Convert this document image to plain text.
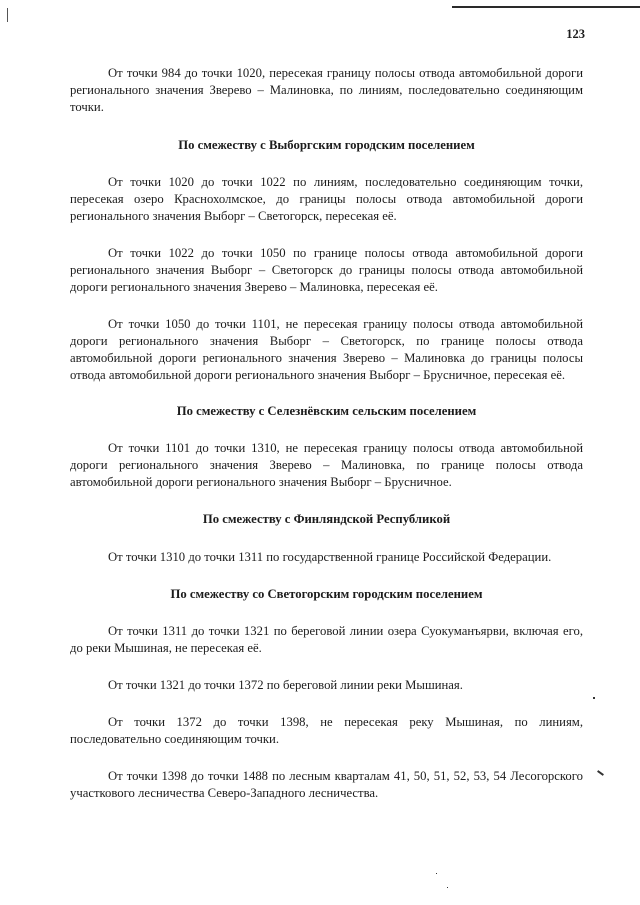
123

От точки 984 до точки 1020, пересекая границу полосы отвода автомобильной дороги регионального значения Зверево – Малиновка, по линиям, последовательно соединяющим точки.

По смежеству с Выборгским городским поселением

От точки 1020 до точки 1022 по линиям, последовательно соединяющим точки, пересекая озеро Краснохолмское, до границы полосы отвода автомобильной дороги регионального значения Выборг – Светогорск, пересекая её.

От точки 1022 до точки 1050 по границе полосы отвода автомобильной дороги регионального значения Выборг – Светогорск до границы полосы отвода автомобильной дороги регионального значения Зверево – Малиновка, пересекая её.

От точки 1050 до точки 1101, не пересекая границу полосы отвода автомобильной дороги регионального значения Выборг – Светогорск, по границе полосы отвода автомобильной дороги регионального значения Зверево – Малиновка до границы полосы отвода автомобильной дороги регионального значения Выборг – Брусничное, пересекая её.

По смежеству с Селезнёвским сельским поселением

От точки 1101 до точки 1310, не пересекая границу полосы отвода автомобильной дороги регионального значения Зверево – Малиновка, по границе полосы отвода автомобильной дороги регионального значения Выборг – Брусничное.

По смежеству с Финляндской Республикой

От точки 1310 до точки 1311 по государственной границе Российской Федерации.

По смежеству со Светогорским городским поселением

От точки 1311 до точки 1321 по береговой линии озера Суокуманъярви, включая его, до реки Мышиная, не пересекая её.

От точки 1321 до точки 1372 по береговой линии реки Мышиная.

От точки 1372 до точки 1398, не пересекая реку Мышиная, по линиям, последовательно соединяющим точки.

От точки 1398 до точки 1488 по лесным кварталам 41, 50, 51, 52, 53, 54 Лесогорского участкового лесничества Северо-Западного лесничества.
